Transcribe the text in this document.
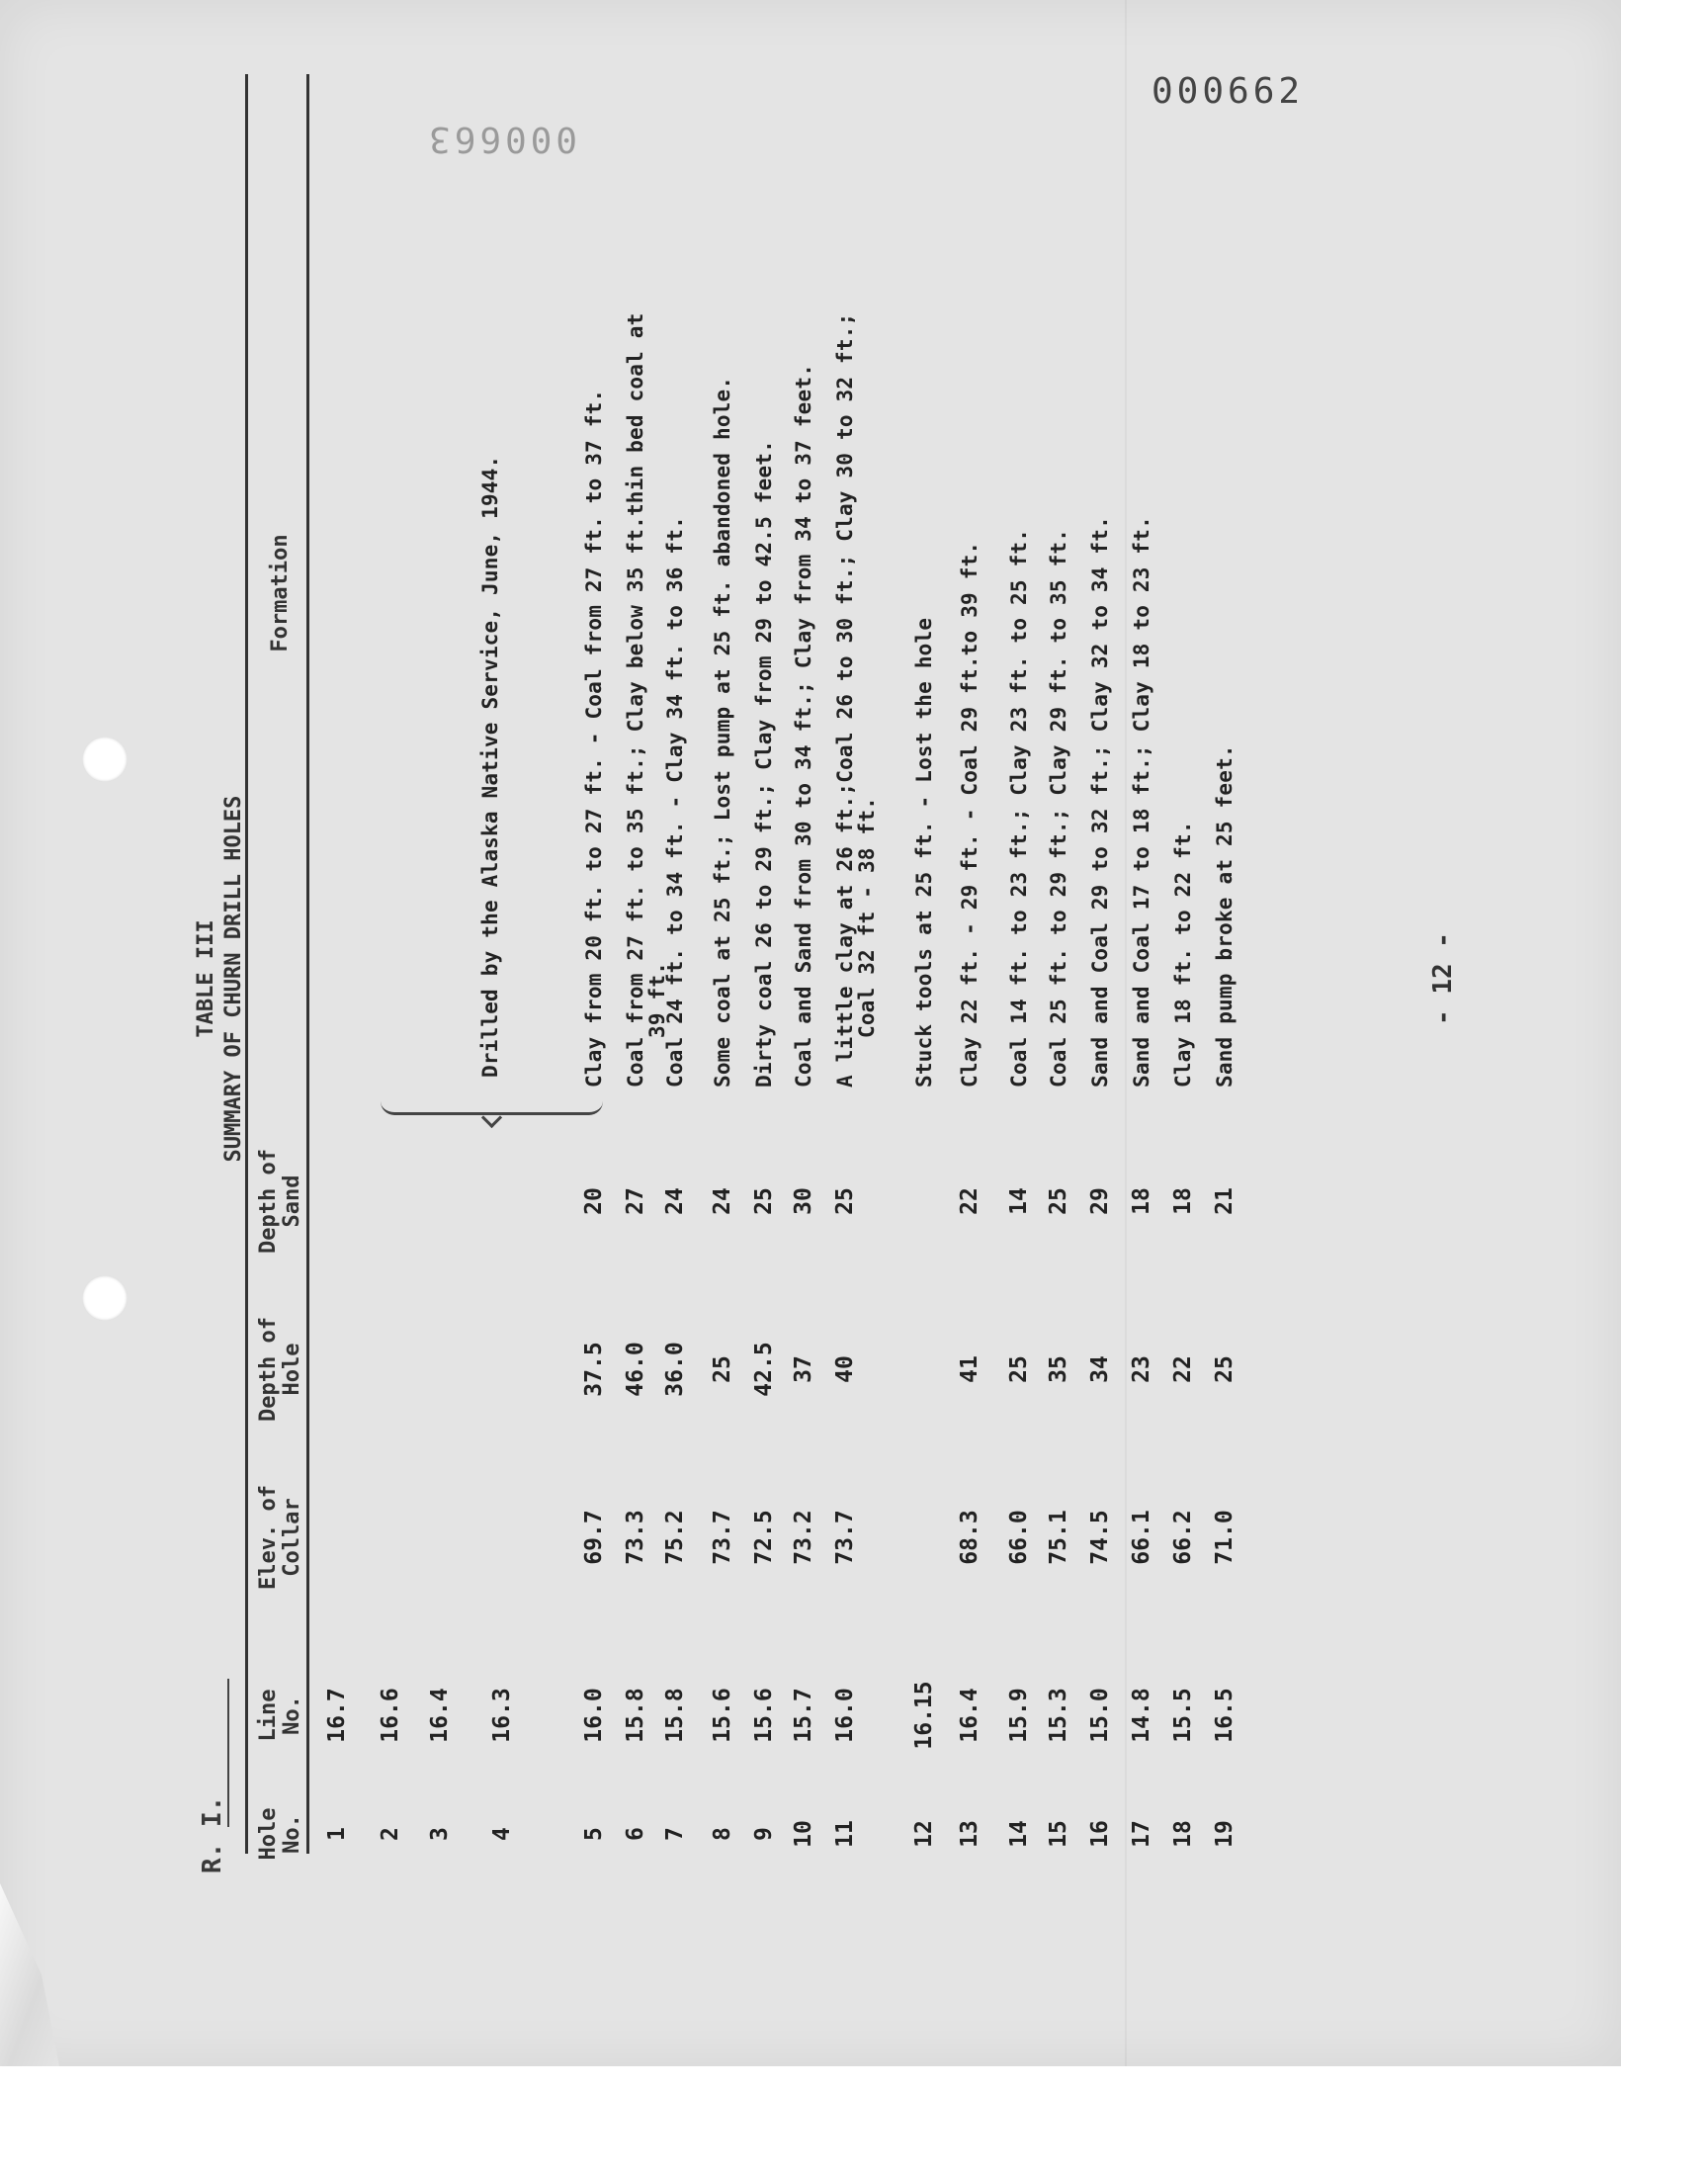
000662
000663
R. I.
TABLE III SUMMARY OF CHURN DRILL HOLES
Hole No.
Line No.
Elev. of Collar
Depth of Hole
Depth of Sand
Formation	Drilled by the Alaska Native Service, June, 1944.
1
16.7
2
16.6
3
16.4
4
16.3
5
16.0
69.7
37.5
20
Clay from 20 ft. to 27 ft. - Coal from 27 ft. to 37 ft.
6
15.8
73.3
46.0
27
Coal from 27 ft. to 35 ft.; Clay below 35 ft.thin bed coal at
39 ft.
7
15.8
75.2
36.0
24
Coal 24 ft. to 34 ft. - Clay 34 ft. to 36 ft.
8
15.6
73.7
25
24
Some coal at 25 ft.; Lost pump at 25 ft. abandoned hole.
9
15.6
72.5
42.5
25
Dirty coal 26 to 29 ft.; Clay from 29 to 42.5 feet.
10
15.7
73.2
37
30
Coal and Sand from 30 to 34 ft.; Clay from 34 to 37 feet.
11
16.0
73.7
40
25
A little clay at 26 ft.;Coal 26 to 30 ft.; Clay 30 to 32 ft.;
Coal 32 ft - 38 ft.
12
16.15
Stuck tools at 25 ft. - Lost the hole
13
16.4
68.3
41
22
Clay 22 ft. - 29 ft. - Coal 29 ft.to 39 ft.
14
15.9
66.0
25
14
Coal 14 ft. to 23 ft.; Clay 23 ft. to 25 ft.
15
15.3
75.1
35
25
Coal 25 ft. to 29 ft.; Clay 29 ft. to 35 ft.
16
15.0
74.5
34
29
Sand and Coal 29 to 32 ft.; Clay 32 to 34 ft.
17
14.8
66.1
23
18
Sand and Coal 17 to 18 ft.; Clay 18 to 23 ft.
18
15.5
66.2
22
18
Clay 18 ft. to 22 ft.
19
16.5
71.0
25
21
Sand pump broke at 25 feet.	- 12 -
